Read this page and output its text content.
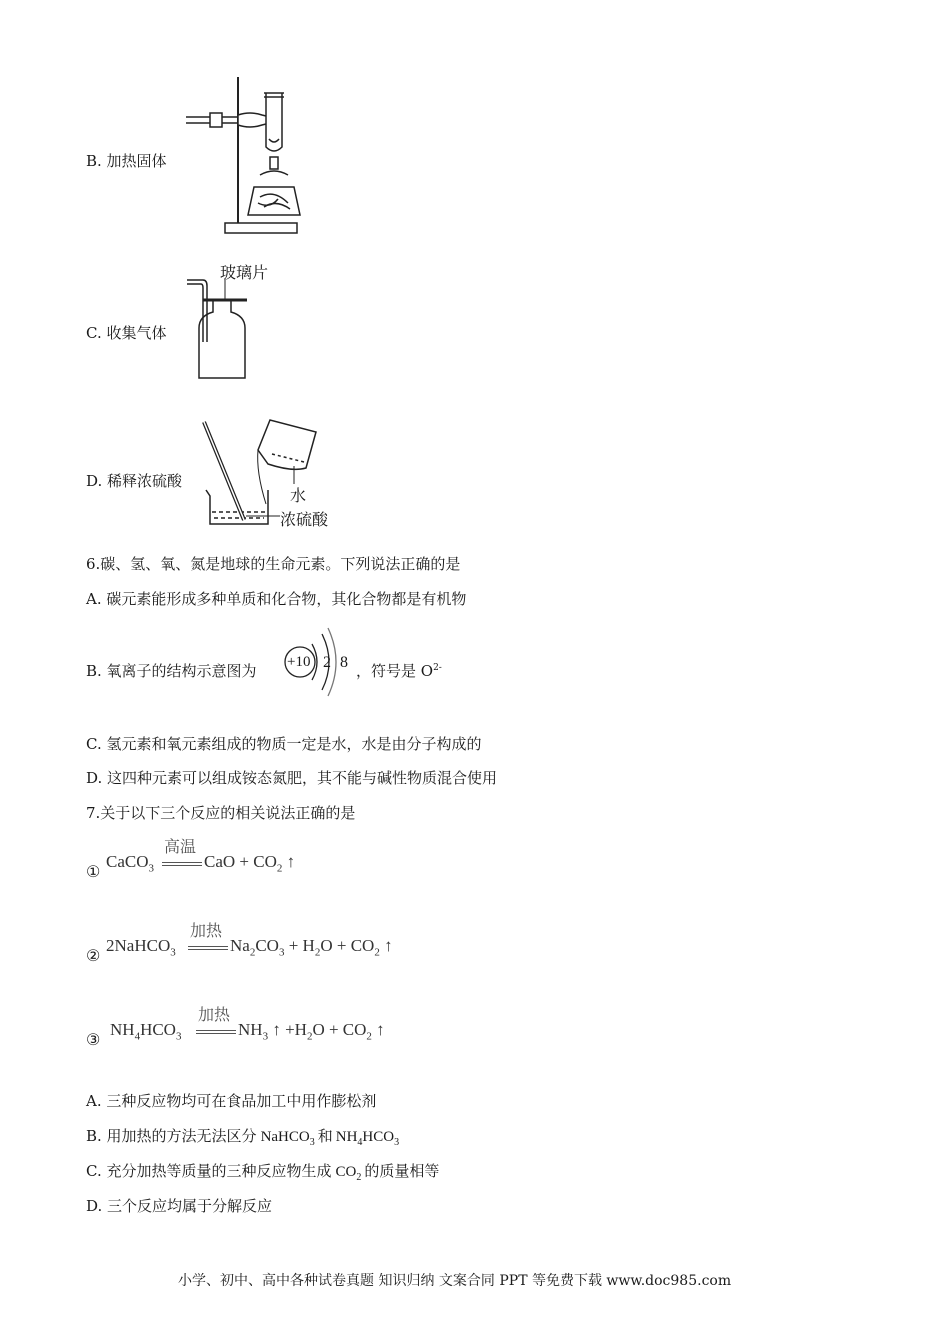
B. 加热固体
C. 收集气体
玻璃片
D. 稀释浓硫酸
水
浓硫酸
6.碳、氢、氧、氮是地球的生命元素。下列说法正确的是
A. 碳元素能形成多种单质和化合物，其化合物都是有机物
B. 氧离子的结构示意图为 +10 2 8 ，符号是 $O^{2-}$
C. 氢元素和氧元素组成的物质一定是水，水是由分子构成的
D. 这四种元素可以组成铵态氮肥，其不能与碱性物质混合使用
7.关于以下三个反应的相关说法正确的是
①
CaCO$_3$
高温
CaO + $CO_2$ ↑
②
2NaHCO$_3$
加热
$Na_2CO_3 + H_2O + CO_2$ ↑
③
$NH_4HCO_3$
加热
$NH_3$ ↑ $+H_2O + CO_2$ ↑
A. 三种反应物均可在食品加工中用作膨松剂
B. 用加热的方法无法区分 NaHCO$_3$ 和 $NH_4HCO_3$
C. 充分加热等质量的三种反应物生成 $CO_2$ 的质量相等
D. 三个反应均属于分解反应
小学、初中、高中各种试卷真题 知识归纳 文案合同 PPT 等免费下载 www.doc985.com
